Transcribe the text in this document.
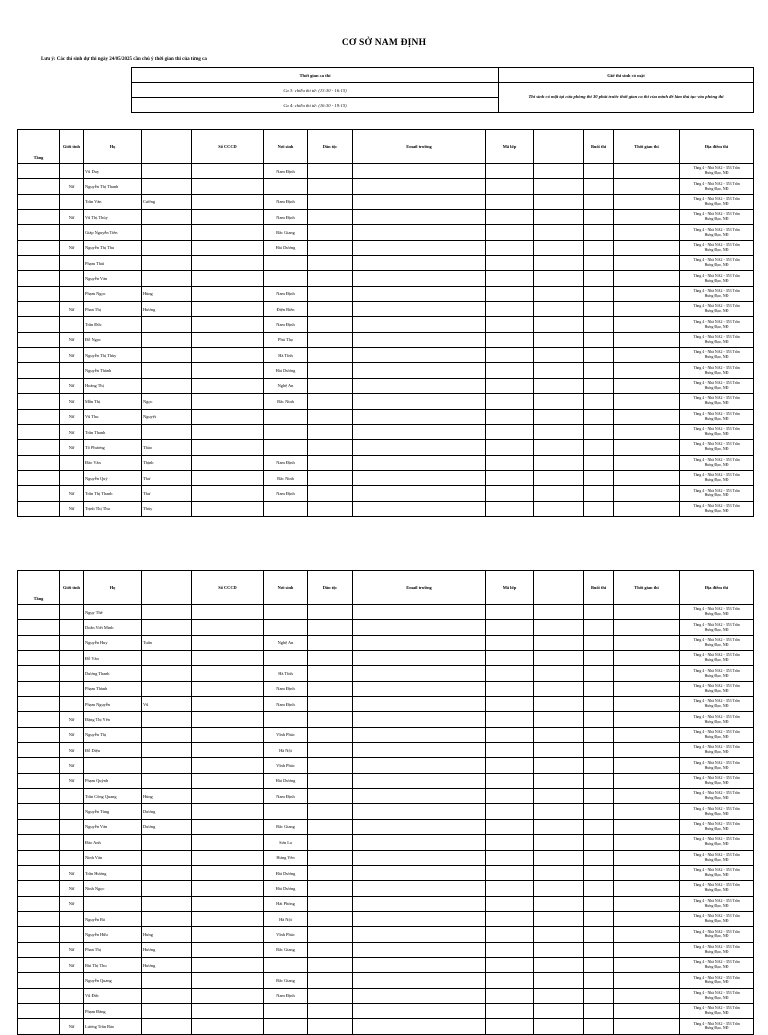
CƠ SỞ NAM ĐỊNH
Lưu ý: Các thí sinh dự thi ngày 24/05/2025 cần chú ý thời gian thi của từng ca
Thời gian ca thi	Giờ thí sinh có mặt
Ca 3: chiều thi từ: (13:30 - 16:15)	Thí sinh có mặt tại cửa phòng thi 30 phút trước thời gian ca thi của mình để làm thủ tục vào phòng thi
Ca 4: chiều thi từ: (16:30 - 19:15)	
Tầng	Giới tính	Họ		Số CCCD	Nơi sinh	Dân tộc	Email trường	Mã lớp		Buổi thi	Thời gian thi	Địa điểm thi
		Vũ Duy			Nam Định							Tầng 4 - Nhà NA2 - 353 Trần
Hưng Đạo, NĐ

	Nữ	Nguyễn Thị Thanh										Tầng 4 - Nhà NA2 - 353 Trần
Hưng Đạo, NĐ

		Trần Văn	Cường		Nam Định							Tầng 4 - Nhà NA2 - 353 Trần
Hưng Đạo, NĐ

	Nữ	Vũ Thị Thúy			Nam Định							Tầng 4 - Nhà NA2 - 353 Trần
Hưng Đạo, NĐ

		Giáp Nguyễn Tiến			Bắc Giang							Tầng 4 - Nhà NA2 - 353 Trần
Hưng Đạo, NĐ

	Nữ	Nguyễn Thị Thu			Hải Dương							Tầng 4 - Nhà NA2 - 353 Trần
Hưng Đạo, NĐ

		Phạm Thái										Tầng 4 - Nhà NA2 - 353 Trần
Hưng Đạo, NĐ

		Nguyễn Văn										Tầng 4 - Nhà NA2 - 353 Trần
Hưng Đạo, NĐ

		Phạm Ngọc	Hùng		Nam Định							Tầng 4 - Nhà NA2 - 353 Trần
Hưng Đạo, NĐ

	Nữ	Phan Thị	Hương		Điện Biên							Tầng 4 - Nhà NA2 - 353 Trần
Hưng Đạo, NĐ

		Trần Đức			Nam Định							Tầng 4 - Nhà NA2 - 353 Trần
Hưng Đạo, NĐ

	Nữ	Đỗ Ngọc			Phú Thọ							Tầng 4 - Nhà NA2 - 353 Trần
Hưng Đạo, NĐ

	Nữ	Nguyễn Thị Thùy			Hà Tĩnh							Tầng 4 - Nhà NA2 - 353 Trần
Hưng Đạo, NĐ

		Nguyễn Thành			Hải Dương							Tầng 4 - Nhà NA2 - 353 Trần
Hưng Đạo, NĐ

	Nữ	Hoàng Thị			Nghệ An							Tầng 4 - Nhà NA2 - 353 Trần
Hưng Đạo, NĐ

	Nữ	Mẫn Thị	Ngọc		Bắc Ninh							Tầng 4 - Nhà NA2 - 353 Trần
Hưng Đạo, NĐ

	Nữ	Vũ Thu	Nguyệt									Tầng 4 - Nhà NA2 - 353 Trần
Hưng Đạo, NĐ

	Nữ	Trần Thanh										Tầng 4 - Nhà NA2 - 353 Trần
Hưng Đạo, NĐ

	Nữ	Tô Phương	Thảo									Tầng 4 - Nhà NA2 - 353 Trần
Hưng Đạo, NĐ

		Đào Văn	Thịnh		Nam Định							Tầng 4 - Nhà NA2 - 353 Trần
Hưng Đạo, NĐ

		Nguyễn Quý	Thư		Bắc Ninh							Tầng 4 - Nhà NA2 - 353 Trần
Hưng Đạo, NĐ

	Nữ	Trần Thị Thanh	Thư		Nam Định							Tầng 4 - Nhà NA2 - 353 Trần
Hưng Đạo, NĐ

	Nữ	Trịnh Thị Thu	Thủy									Tầng 4 - Nhà NA2 - 353 Trần
Hưng Đạo, NĐ
Tầng	Giới tính	Họ		Số CCCD	Nơi sinh	Dân tộc	Email trường	Mã lớp		Buổi thi	Thời gian thi	Địa điểm thi
		Ngụy Thế										Tầng 4 - Nhà NA2 - 353 Trần
Hưng Đạo, NĐ

		Doãn Viết Minh										Tầng 4 - Nhà NA2 - 353 Trần
Hưng Đạo, NĐ

		Nguyễn Huy	Tuấn		Nghệ An							Tầng 4 - Nhà NA2 - 353 Trần
Hưng Đạo, NĐ

		Đỗ Văn										Tầng 4 - Nhà NA2 - 353 Trần
Hưng Đạo, NĐ

		Dương Thanh			Hà Tĩnh							Tầng 4 - Nhà NA2 - 353 Trần
Hưng Đạo, NĐ

		Phạm Thành			Nam Định							Tầng 4 - Nhà NA2 - 353 Trần
Hưng Đạo, NĐ

		Phạm Nguyễn	Vũ		Nam Định							Tầng 4 - Nhà NA2 - 353 Trần
Hưng Đạo, NĐ

	Nữ	Đặng Thị Yến										Tầng 4 - Nhà NA2 - 353 Trần
Hưng Đạo, NĐ

	Nữ	Nguyễn Thị			Vĩnh Phúc							Tầng 4 - Nhà NA2 - 353 Trần
Hưng Đạo, NĐ

	Nữ	Đỗ Diệu			Hà Nội							Tầng 4 - Nhà NA2 - 353 Trần
Hưng Đạo, NĐ

	Nữ				Vĩnh Phúc							Tầng 4 - Nhà NA2 - 353 Trần
Hưng Đạo, NĐ

	Nữ	Phạm Quỳnh			Hải Dương							Tầng 4 - Nhà NA2 - 353 Trần
Hưng Đạo, NĐ

		Trần Công Quang	Hùng		Nam Định							Tầng 4 - Nhà NA2 - 353 Trần
Hưng Đạo, NĐ

		Nguyễn Tùng	Dương									Tầng 4 - Nhà NA2 - 353 Trần
Hưng Đạo, NĐ

		Nguyễn Văn	Dương		Bắc Giang							Tầng 4 - Nhà NA2 - 353 Trần
Hưng Đạo, NĐ

		Đào Anh			Sơn La							Tầng 4 - Nhà NA2 - 353 Trần
Hưng Đạo, NĐ

		Ninh Văn			Hưng Yên							Tầng 4 - Nhà NA2 - 353 Trần
Hưng Đạo, NĐ

	Nữ	Trần Hương			Hải Dương							Tầng 4 - Nhà NA2 - 353 Trần
Hưng Đạo, NĐ

	Nữ	Ninh Ngọc			Hải Dương							Tầng 4 - Nhà NA2 - 353 Trần
Hưng Đạo, NĐ

	Nữ				Hải Phòng							Tầng 4 - Nhà NA2 - 353 Trần
Hưng Đạo, NĐ

		Nguyễn Bá			Hà Nội							Tầng 4 - Nhà NA2 - 353 Trần
Hưng Đạo, NĐ

		Nguyễn Hữu	Hưng		Vĩnh Phúc							Tầng 4 - Nhà NA2 - 353 Trần
Hưng Đạo, NĐ

	Nữ	Phan Thị	Hương		Bắc Giang							Tầng 4 - Nhà NA2 - 353 Trần
Hưng Đạo, NĐ

	Nữ	Bùi Thị Thu	Hương									Tầng 4 - Nhà NA2 - 353 Trần
Hưng Đạo, NĐ

		Nguyễn Quang			Bắc Giang							Tầng 4 - Nhà NA2 - 353 Trần
Hưng Đạo, NĐ

		Vũ Đức			Nam Định							Tầng 4 - Nhà NA2 - 353 Trần
Hưng Đạo, NĐ

		Phạm Đăng										Tầng 4 - Nhà NA2 - 353 Trần
Hưng Đạo, NĐ

	Nữ	Lương Trần Bảo										Tầng 4 - Nhà NA2 - 353 Trần
Hưng Đạo, NĐ
